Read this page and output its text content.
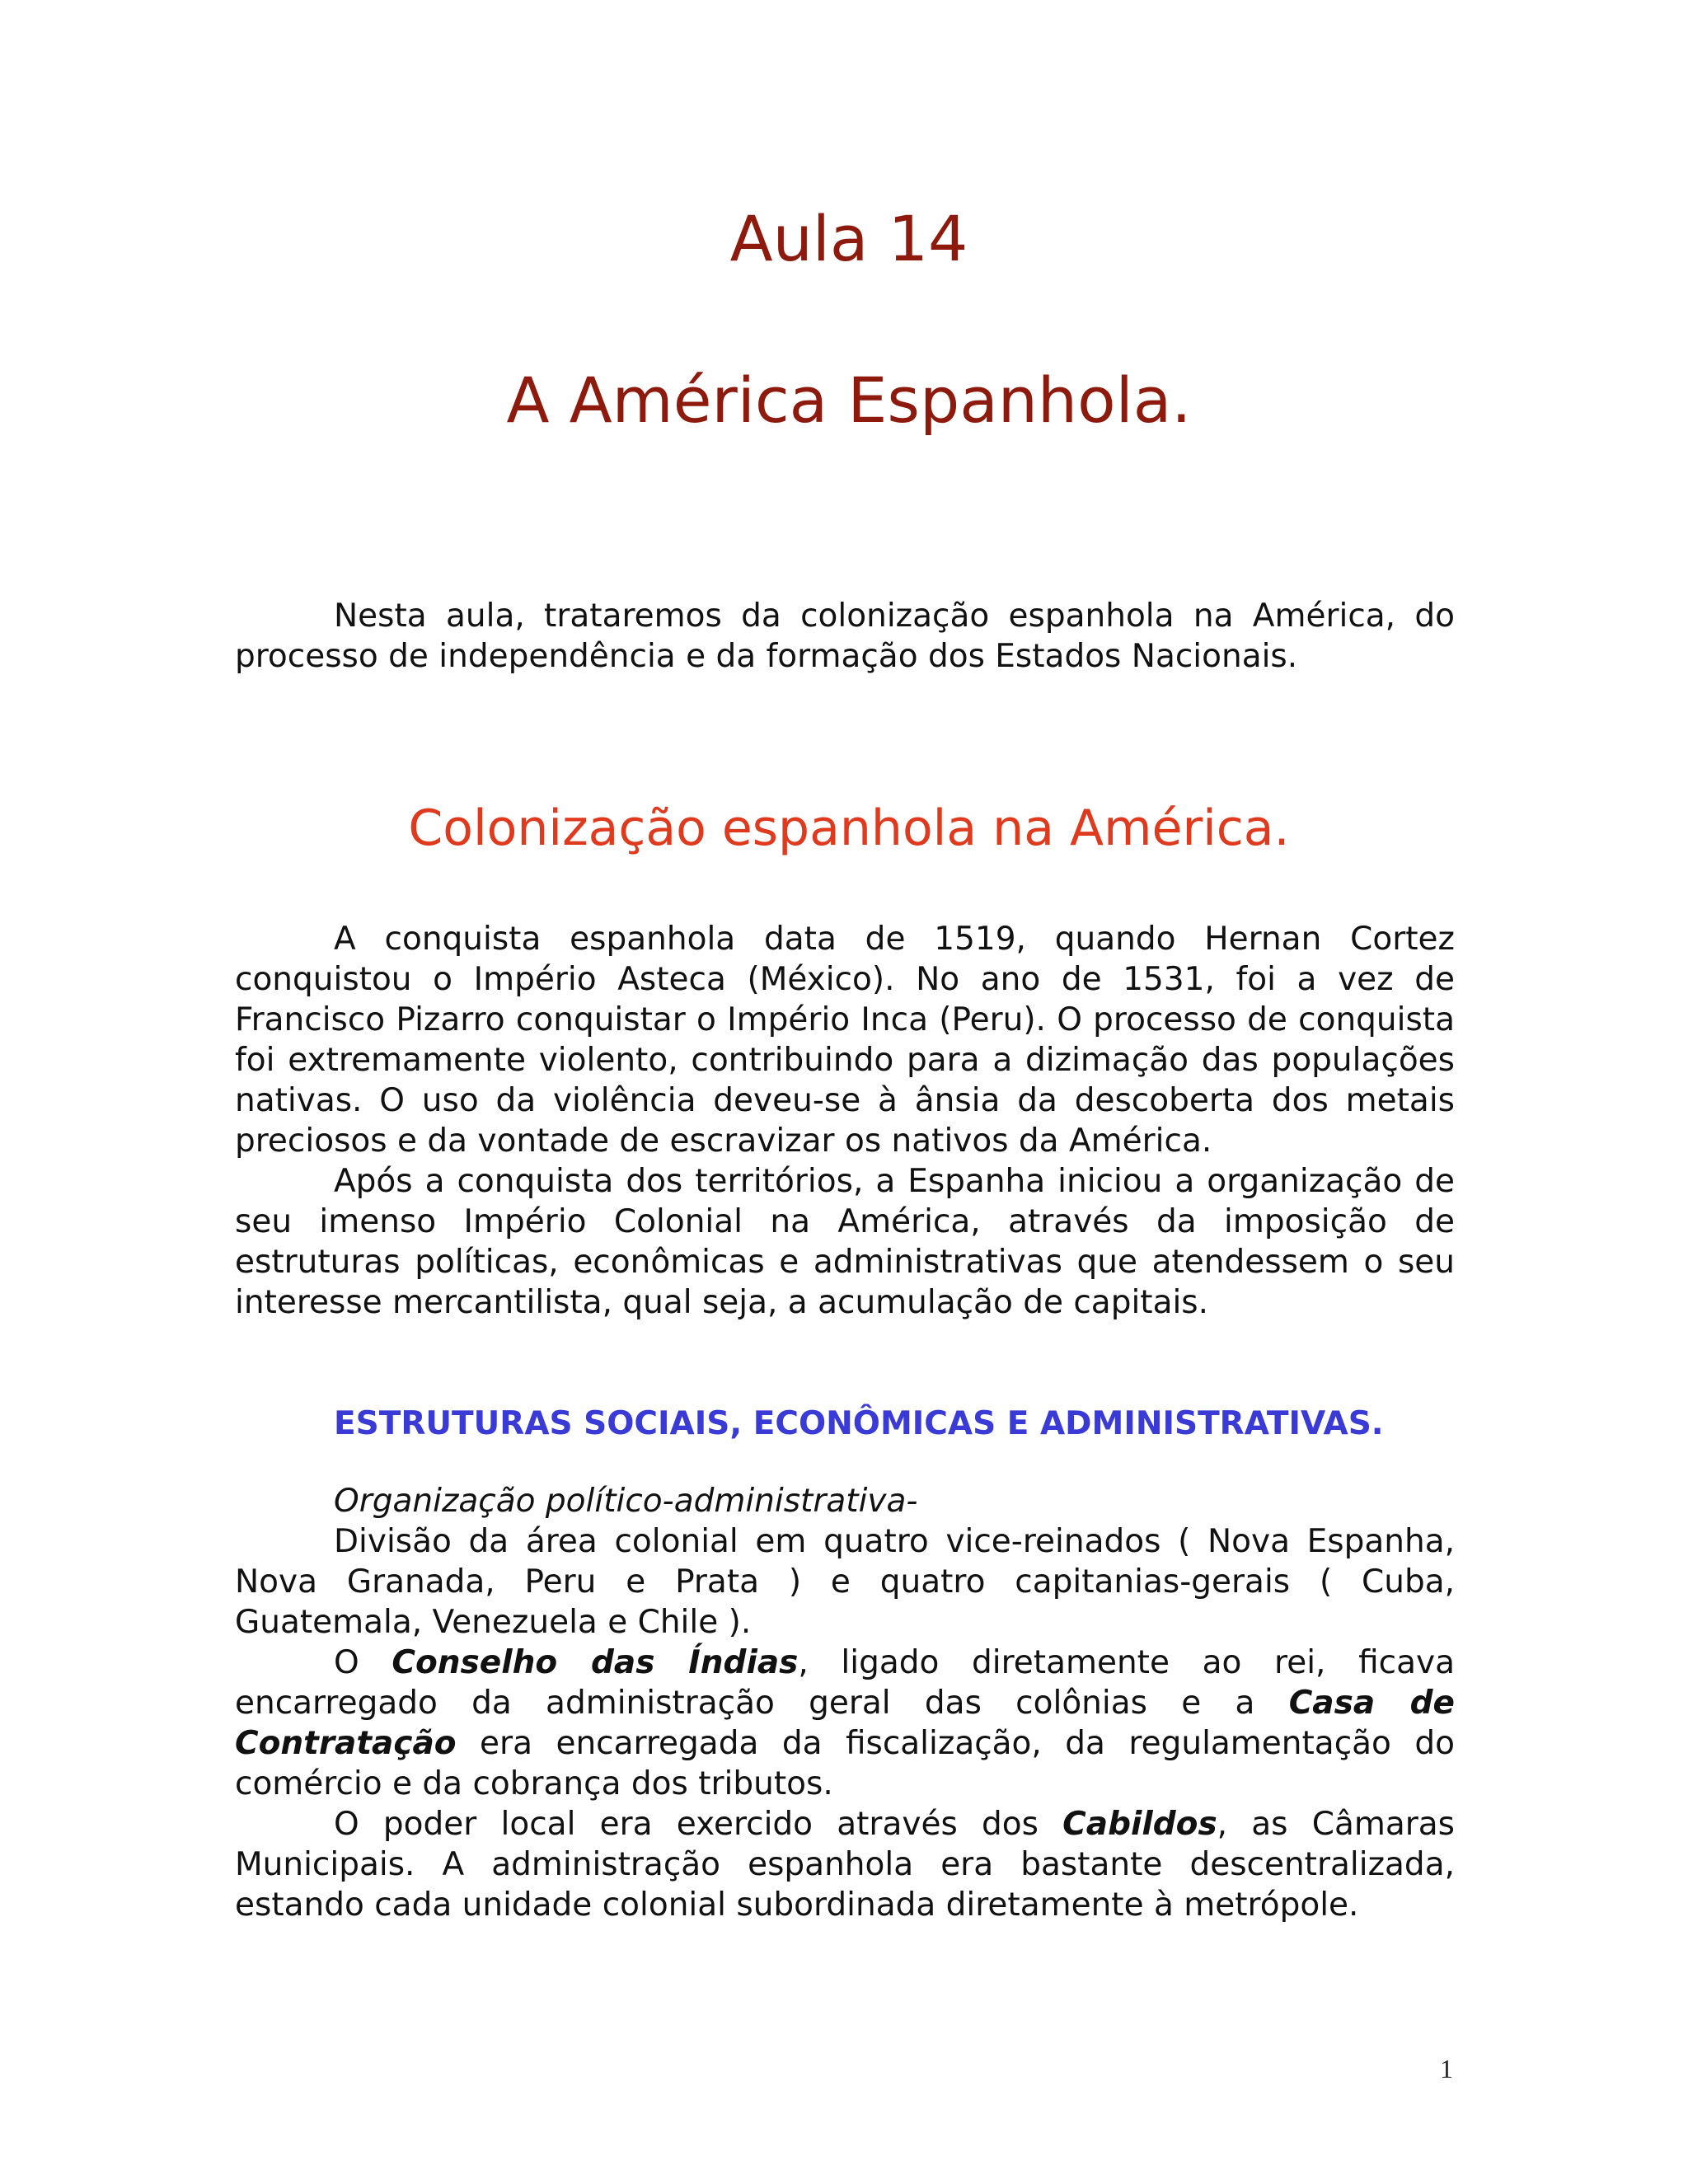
Aula 14
A América Espanhola.

Nesta aula, trataremos da colonização espanhola na América, do processo de independência e da formação dos Estados Nacionais.

Colonização espanhola na América.

A conquista espanhola data de 1519, quando Hernan Cortez conquistou o Império Asteca (México). No ano de 1531, foi a vez de Francisco Pizarro conquistar o Império Inca (Peru). O processo de conquista foi extremamente violento, contribuindo para a dizimação das populações nativas. O uso da violência deveu-se à ânsia da descoberta dos metais preciosos e da vontade de escravizar os nativos da América.

Após a conquista dos territórios, a Espanha iniciou a organização de seu imenso Império Colonial na América, através da imposição de estruturas políticas, econômicas e administrativas que atendessem o seu interesse mercantilista, qual seja, a acumulação de capitais.

ESTRUTURAS SOCIAIS, ECONÔMICAS E ADMINISTRATIVAS.

Organização político-administrativa-

Divisão da área colonial em quatro vice-reinados ( Nova Espanha, Nova Granada, Peru e Prata ) e quatro capitanias-gerais ( Cuba, Guatemala, Venezuela e Chile ).

O Conselho das Índias, ligado diretamente ao rei, ficava encarregado da administração geral das colônias e a Casa de Contratação era encarregada da fiscalização, da regulamentação do comércio e da cobrança dos tributos.

O poder local era exercido através dos Cabildos, as Câmaras Municipais. A administração espanhola era bastante descentralizada, estando cada unidade colonial subordinada diretamente à metrópole.

1
